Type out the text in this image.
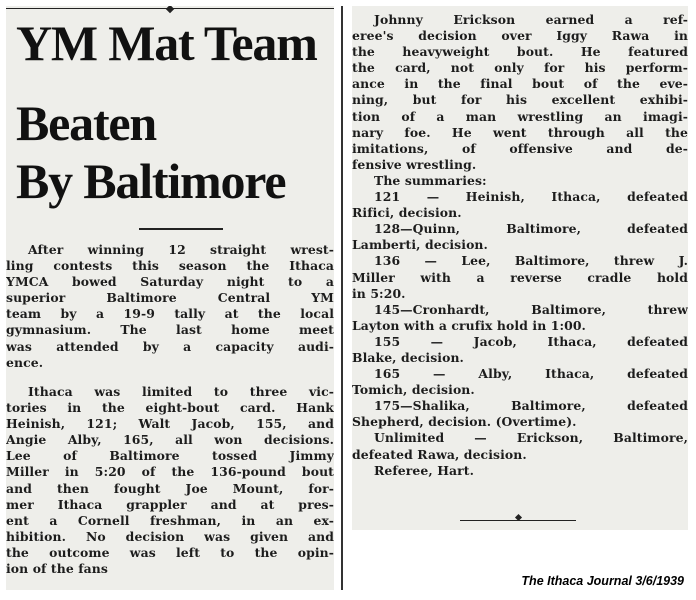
YM Mat Team
Beaten
By Baltimore
After winning 12 straight wrest-
ling contests this season the Ithaca
YMCA bowed Saturday night to a
superior Baltimore Central YM
team by a 19-9 tally at the local
gymnasium. The last home meet
was attended by a capacity audi-
ence.
Ithaca was limited to three vic-
tories in the eight-bout card. Hank
Heinish, 121; Walt Jacob, 155, and
Angie Alby, 165, all won decisions.
Lee of Baltimore tossed Jimmy
Miller in 5:20 of the 136-pound bout
and then fought Joe Mount, for-
mer Ithaca grappler and at pres-
ent a Cornell freshman, in an ex-
hibition. No decision was given and
the outcome was left to the opin-
ion of the fans
Johnny Erickson earned a ref-
eree's decision over Iggy Rawa in
the heavyweight bout. He featured
the card, not only for his perform-
ance in the final bout of the eve-
ning, but for his excellent exhibi-
tion of a man wrestling an imagi-
nary foe. He went through all the
imitations, of offensive and de-
fensive wrestling.
The summaries:
121 — Heinish, Ithaca, defeated
Rifici, decision.
128—Quinn, Baltimore, defeated
Lamberti, decision.
136 — Lee, Baltimore, threw J.
Miller with a reverse cradle hold
in 5:20.
145—Cronhardt, Baltimore, threw
Layton with a crufix hold in 1:00.
155 — Jacob, Ithaca, defeated
Blake, decision.
165 — Alby, Ithaca, defeated
Tomich, decision.
175—Shalika, Baltimore, defeated
Shepherd, decision. (Overtime).
Unlimited — Erickson, Baltimore,
defeated Rawa, decision.
Referee, Hart.
The Ithaca Journal 3/6/1939
